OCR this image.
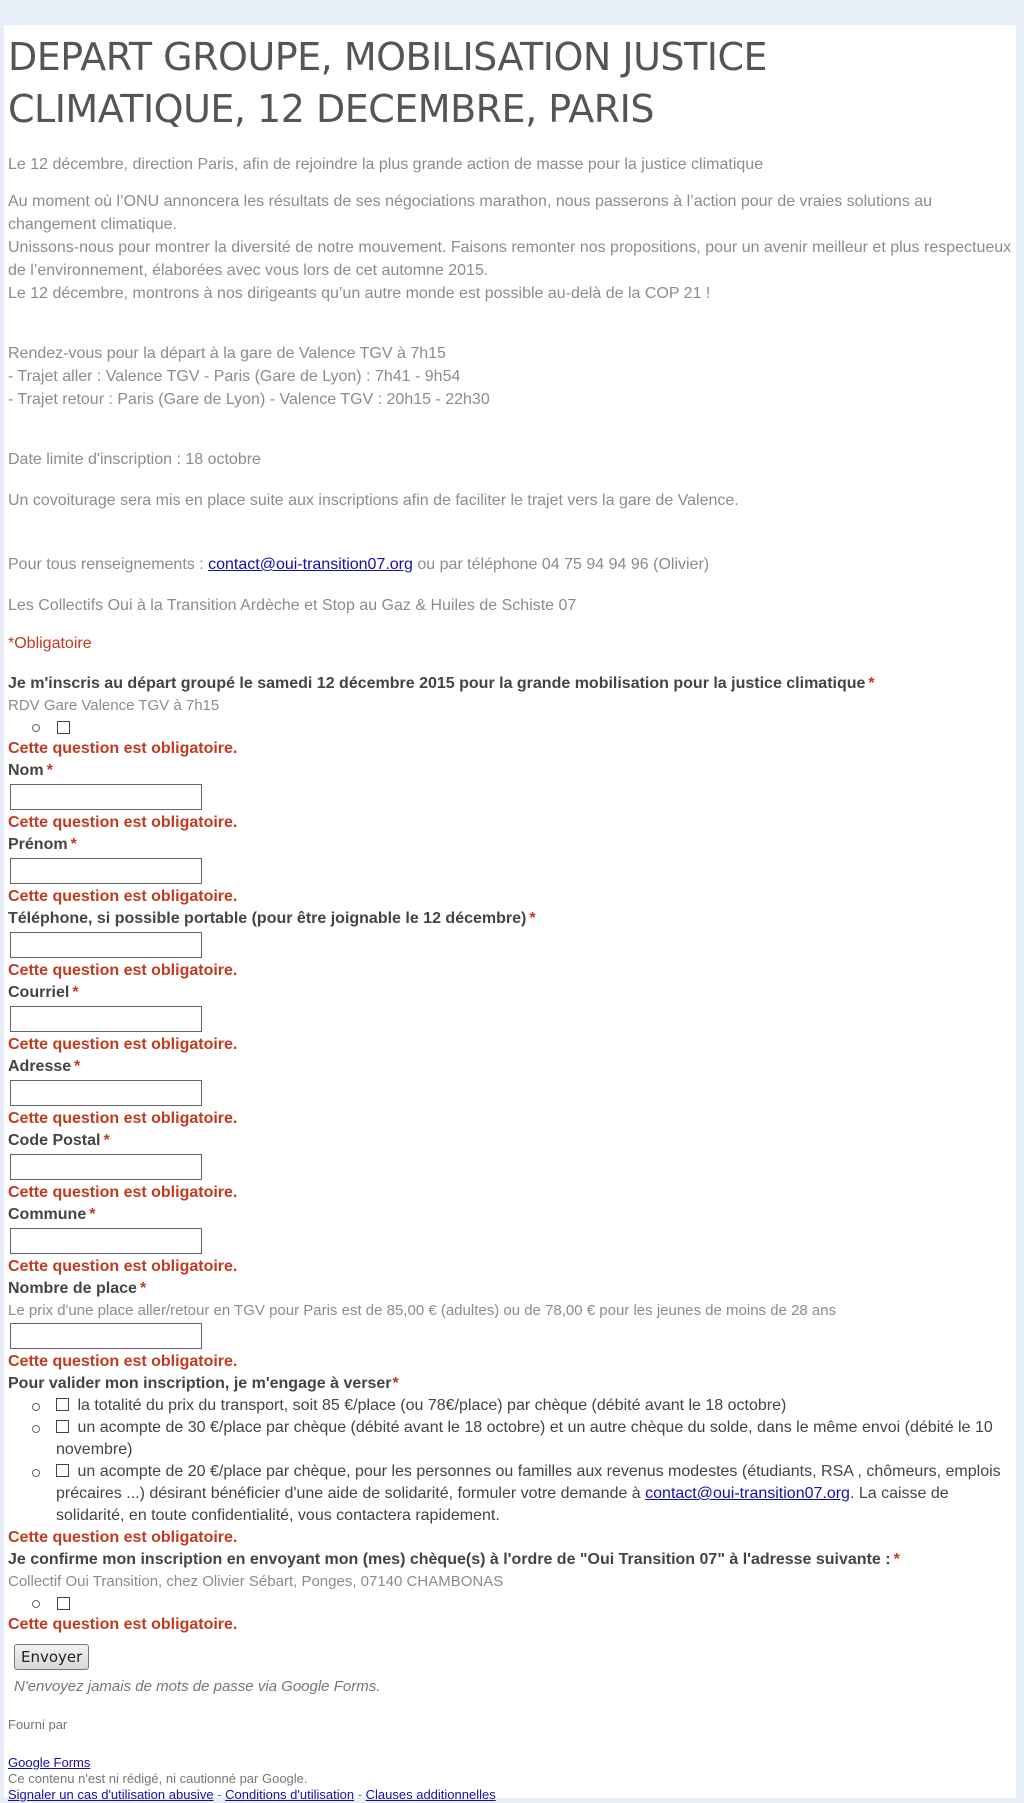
DEPART GROUPE, MOBILISATION JUSTICE CLIMATIQUE, 12 DECEMBRE, PARIS

Le 12 décembre, direction Paris, afin de rejoindre la plus grande action de masse pour la justice climatique

Au moment où l’ONU annoncera les résultats de ses négociations marathon, nous passerons à l’action pour de vraies solutions au changement climatique.

Unissons-nous pour montrer la diversité de notre mouvement. Faisons remonter nos propositions, pour un avenir meilleur et plus respectueux de l’environnement, élaborées avec vous lors de cet automne 2015.

Le 12 décembre, montrons à nos dirigeants qu’un autre monde est possible au-delà de la COP 21 !

Rendez-vous pour la départ à la gare de Valence TGV à 7h15

- Trajet aller : Valence TGV - Paris (Gare de Lyon) : 7h41 - 9h54

- Trajet retour : Paris (Gare de Lyon) - Valence TGV : 20h15 - 22h30

Date limite d'inscription : 18 octobre

Un covoiturage sera mis en place suite aux inscriptions afin de faciliter le trajet vers la gare de Valence.

Pour tous renseignements : contact@oui-transition07.org ou par téléphone 04 75 94 94 96 (Olivier)

Les Collectifs Oui à la Transition Ardèche et Stop au Gaz & Huiles de Schiste 07

*Obligatoire
Je m'inscris au départ groupé le samedi 12 décembre 2015 pour la grande mobilisation pour la justice climatique *
RDV Gare Valence TGV à 7h15
Cette question est obligatoire.
Nom *
Cette question est obligatoire.
Prénom *
Cette question est obligatoire.
Téléphone, si possible portable (pour être joignable le 12 décembre) *
Cette question est obligatoire.
Courriel *
Cette question est obligatoire.
Adresse *
Cette question est obligatoire.
Code Postal *
Cette question est obligatoire.
Commune *
Cette question est obligatoire.
Nombre de place *
Le prix d'une place aller/retour en TGV pour Paris est de 85,00 € (adultes) ou de 78,00 € pour les jeunes de moins de 28 ans
Cette question est obligatoire.
Pour valider mon inscription, je m'engage à verser*
la totalité du prix du transport, soit 85 €/place (ou 78€/place) par chèque (débité avant le 18 octobre)
un acompte de 30 €/place par chèque (débité avant le 18 octobre) et un autre chèque du solde, dans le même envoi (débité le 10 novembre)
un acompte de 20 €/place par chèque, pour les personnes ou familles aux revenus modestes (étudiants, RSA , chômeurs, emplois précaires ...) désirant bénéficier d'une aide de solidarité, formuler votre demande à contact@oui-transition07.org. La caisse de solidarité, en toute confidentialité, vous contactera rapidement.
Cette question est obligatoire.
Je confirme mon inscription en envoyant mon (mes) chèque(s) à l'ordre de "Oui Transition 07" à l'adresse suivante : *
Collectif Oui Transition, chez Olivier Sébart, Ponges, 07140 CHAMBONAS
Cette question est obligatoire.
Envoyer
N'envoyez jamais de mots de passe via Google Forms.
Fourni par
Google Forms
Ce contenu n'est ni rédigé, ni cautionné par Google.
Signaler un cas d'utilisation abusive - Conditions d'utilisation - Clauses additionnelles
